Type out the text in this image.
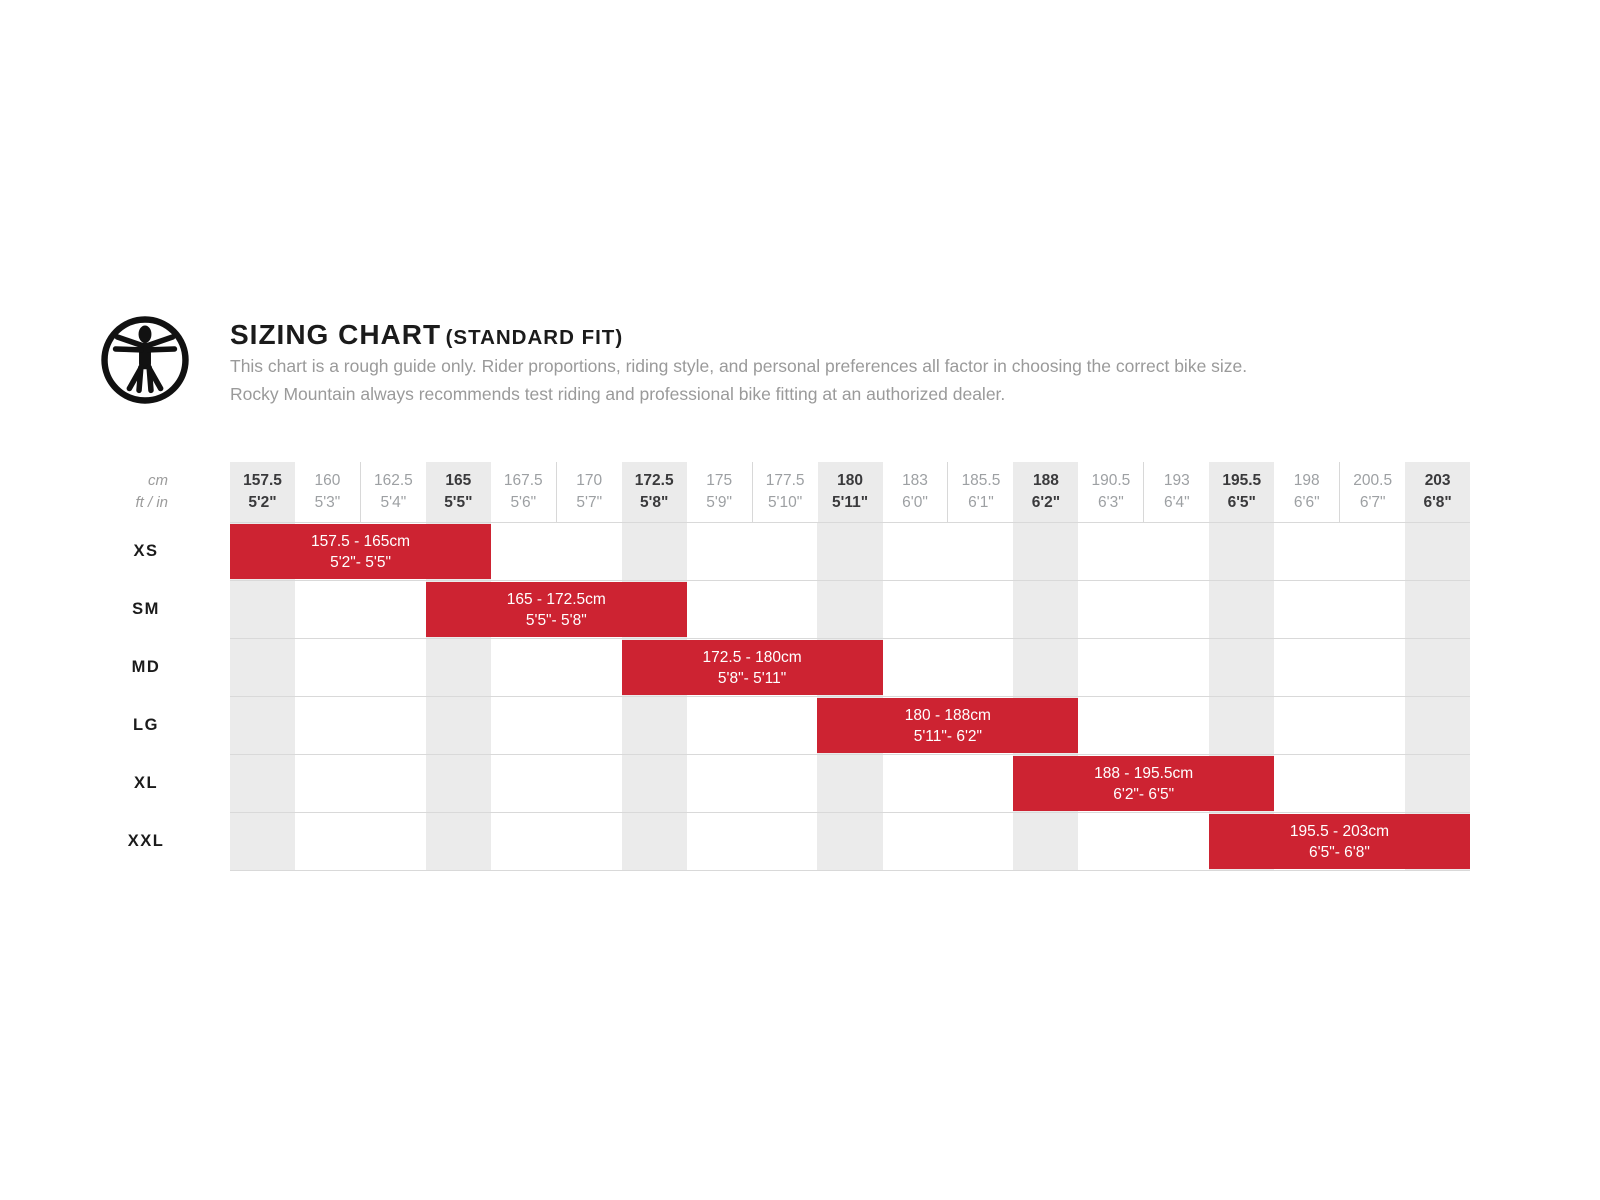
SIZING CHART (STANDARD FIT)
This chart is a rough guide only. Rider proportions, riding style, and personal preferences all factor in choosing the correct bike size.
Rocky Mountain always recommends test riding and professional bike fitting at an authorized dealer.
cm
ft / in
XS
SM
MD
LG
XL
XXL
157.5
5'2"
160
5'3"
162.5
5'4"
165
5'5"
167.5
5'6"
170
5'7"
172.5
5'8"
175
5'9"
177.5
5'10"
180
5'11"
183
6'0"
185.5
6'1"
188
6'2"
190.5
6'3"
193
6'4"
195.5
6'5"
198
6'6"
200.5
6'7"
203
6'8"
157.5 - 165cm
5'2"- 5'5"
165 - 172.5cm
5'5"- 5'8"
172.5 - 180cm
5'8"- 5'11"
180 - 188cm
5'11"- 6'2"
188 - 195.5cm
6'2"- 6'5"
195.5 - 203cm
6'5"- 6'8"
